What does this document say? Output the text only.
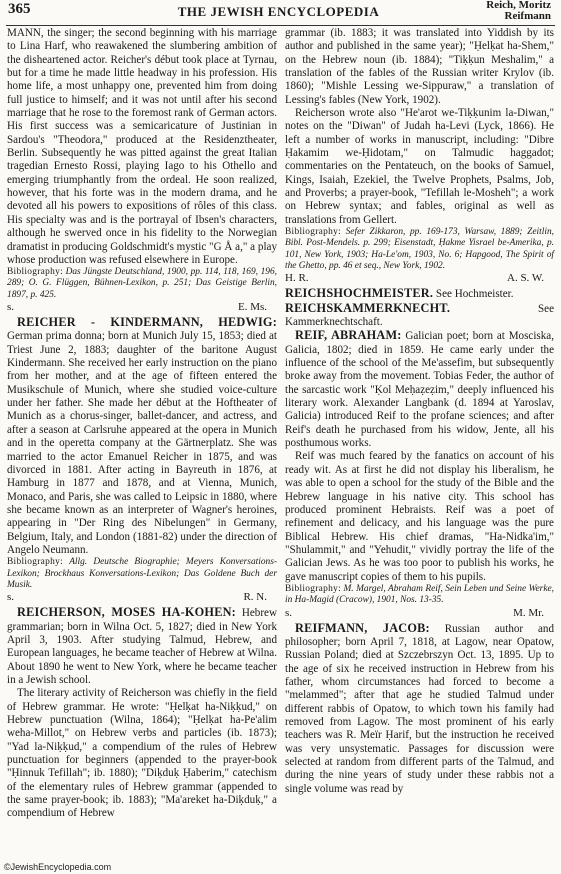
365	THE JEWISH ENCYCLOPEDIA	Reich, Moritz
Reifmann

MANN, the singer; the second beginning with his marriage to Lina Harf, who reawakened the slumbering ambition of the disheartened actor. Reicher's début took place at Tyrnau, but for a time he made little headway in his profession. His home life, a most unhappy one, prevented him from doing full justice to himself; and it was not until after his second marriage that he rose to the foremost rank of German actors. His first success was a semicaricature of Justinian in Sardou's "Theodora," produced at the Residenztheater, Berlin. Subsequently he was pitted against the great Italian tragedian Ernesto Rossi, playing Iago to his Othello and emerging triumphantly from the ordeal. He soon realized, however, that his forte was in the modern drama, and he devoted all his powers to expositions of rôles of this class. His specialty was and is the portrayal of Ibsen's characters, although he swerved once in his fidelity to the Norwegian dramatist in producing Goldschmidt's mystic "G Å a," a play whose production was refused elsewhere in Europe.

Bibliography: Das Jüngste Deutschland, 1900, pp. 114, 118, 169, 196, 289; O. G. Flüggen, Bühnen-Lexikon, p. 251; Das Geistige Berlin, 1897, p. 425.

s.	E. Ms.

REICHER - KINDERMANN, HEDWIG: German prima donna; born at Munich July 15, 1853; died at Triest June 2, 1883; daughter of the baritone August Kindermann. She received her early instruction on the piano from her mother, and at the age of fifteen entered the Musikschule of Munich, where she studied voice-culture under her father. She made her début at the Hoftheater of Munich as a chorus-singer, ballet-dancer, and actress, and after a season at Carlsruhe appeared at the opera in Munich and in the operetta company at the Gärtnerplatz. She was married to the actor Emanuel Reicher in 1875, and was divorced in 1881. After acting in Bayreuth in 1876, at Hamburg in 1877 and 1878, and at Vienna, Munich, Monaco, and Paris, she was called to Leipsic in 1880, where she became known as an interpreter of Wagner's heroines, appearing in "Der Ring des Nibelungen" in Germany, Belgium, Italy, and London (1881-82) under the direction of Angelo Neumann.

Bibliography: Allg. Deutsche Biographie; Meyers Konversations-Lexikon; Brockhaus Konversations-Lexikon; Das Goldene Buch der Musik.

s.	R. N.

REICHERSON, MOSES HA-KOHEN: Hebrew grammarian; born in Wilna Oct. 5, 1827; died in New York April 3, 1903. After studying Talmud, Hebrew, and European languages, he became teacher of Hebrew at Wilna. About 1890 he went to New York, where he became teacher in a Jewish school.

The literary activity of Reicherson was chiefly in the field of Hebrew grammar. He wrote: "Ḥelḳat ha-Niḳḳud," on Hebrew punctuation (Wilna, 1864); "Ḥelḳat ha-Pe'alim weha-Millot," on Hebrew verbs and particles (ib. 1873); "Yad la-Niḳḳud," a compendium of the rules of Hebrew punctuation for beginners (appended to the prayer-book "Ḥinnuk Tefillah"; ib. 1880); "Diḳduḳ Ḥaberim," catechism of the elementary rules of Hebrew grammar (appended to the same prayer-book; ib. 1883); "Ma'areket ha-Diḳduḳ," a compendium of Hebrew

grammar (ib. 1883; it was translated into Yiddish by its author and published in the same year); "Ḥelḳat ha-Shem," on the Hebrew noun (ib. 1884); "Tiḳḳun Meshalim," a translation of the fables of the Russian writer Krylov (ib. 1860); "Mishle Lessing we-Sippuraw," a translation of Lessing's fables (New York, 1902).

Reicherson wrote also "He'arot we-Tiḳḳunim la-Diwan," notes on the "Diwan" of Judah ha-Levi (Lyck, 1866). He left a number of works in manuscript, including: "Dibre Ḥakamim we-Ḥidotam," on Talmudic haggadot; commentaries on the Pentateuch, on the books of Samuel, Kings, Isaiah, Ezekiel, the Twelve Prophets, Psalms, Job, and Proverbs; a prayer-book, "Tefillah le-Mosheh"; a work on Hebrew syntax; and fables, original as well as translations from Gellert.

Bibliography: Sefer Zikkaron, pp. 169-173, Warsaw, 1889; Zeitlin, Bibl. Post-Mendels. p. 299; Eisenstadt, Ḥakme Yisrael be-Amerika, p. 101, New York, 1903; Ha-Le'om, 1903, No. 6; Hapgood, The Spirit of the Ghetto, pp. 46 et seq., New York, 1902.

H. R.	A. S. W.

REICHSHOCHMEISTER. See Hochmeister.

REICHSKAMMERKNECHT.	See Kammerknechtschaft.

REIF, ABRAHAM: Galician poet; born at Mosciska, Galicia, 1802; died in 1859. He came early under the influence of the school of the Me'assefim, but subsequently broke away from the movement. Tobias Feder, the author of the sarcastic work "Ḳol Meḥaẓeẓim," deeply influenced his literary work. Alexander Langbank (d. 1894 at Yaroslav, Galicia) introduced Reif to the profane sciences; and after Reif's death he purchased from his widow, Jente, all his posthumous works.

Reif was much feared by the fanatics on account of his ready wit. As at first he did not display his liberalism, he was able to open a school for the study of the Bible and the Hebrew language in his native city. This school has produced prominent Hebraists. Reif was a poet of refinement and delicacy, and his language was the pure Biblical Hebrew. His chief dramas, "Ha-Nidka'im," "Shulammit," and "Yehudit," vividly portray the life of the Galician Jews. As he was too poor to publish his works, he gave manuscript copies of them to his pupils.

Bibliography: M. Margel, Abraham Reif, Sein Leben und Seine Werke, in Ha-Magid (Cracow), 1901, Nos. 13-35.

s.	M. Mr.

REIFMANN, JACOB: Russian author and philosopher; born April 7, 1818, at Lagow, near Opatow, Russian Poland; died at Szczebrszyn Oct. 13, 1895. Up to the age of six he received instruction in Hebrew from his father, whom circumstances had forced to become a "melammed"; after that age he studied Talmud under different rabbis of Opatow, to which town his family had removed from Lagow. The most prominent of his early teachers was R. Meïr Ḥarif, but the instruction he received was very unsystematic. Passages for discussion were selected at random from different parts of the Talmud, and during the nine years of study under these rabbis not a single volume was read by

©JewishEncyclopedia.com
